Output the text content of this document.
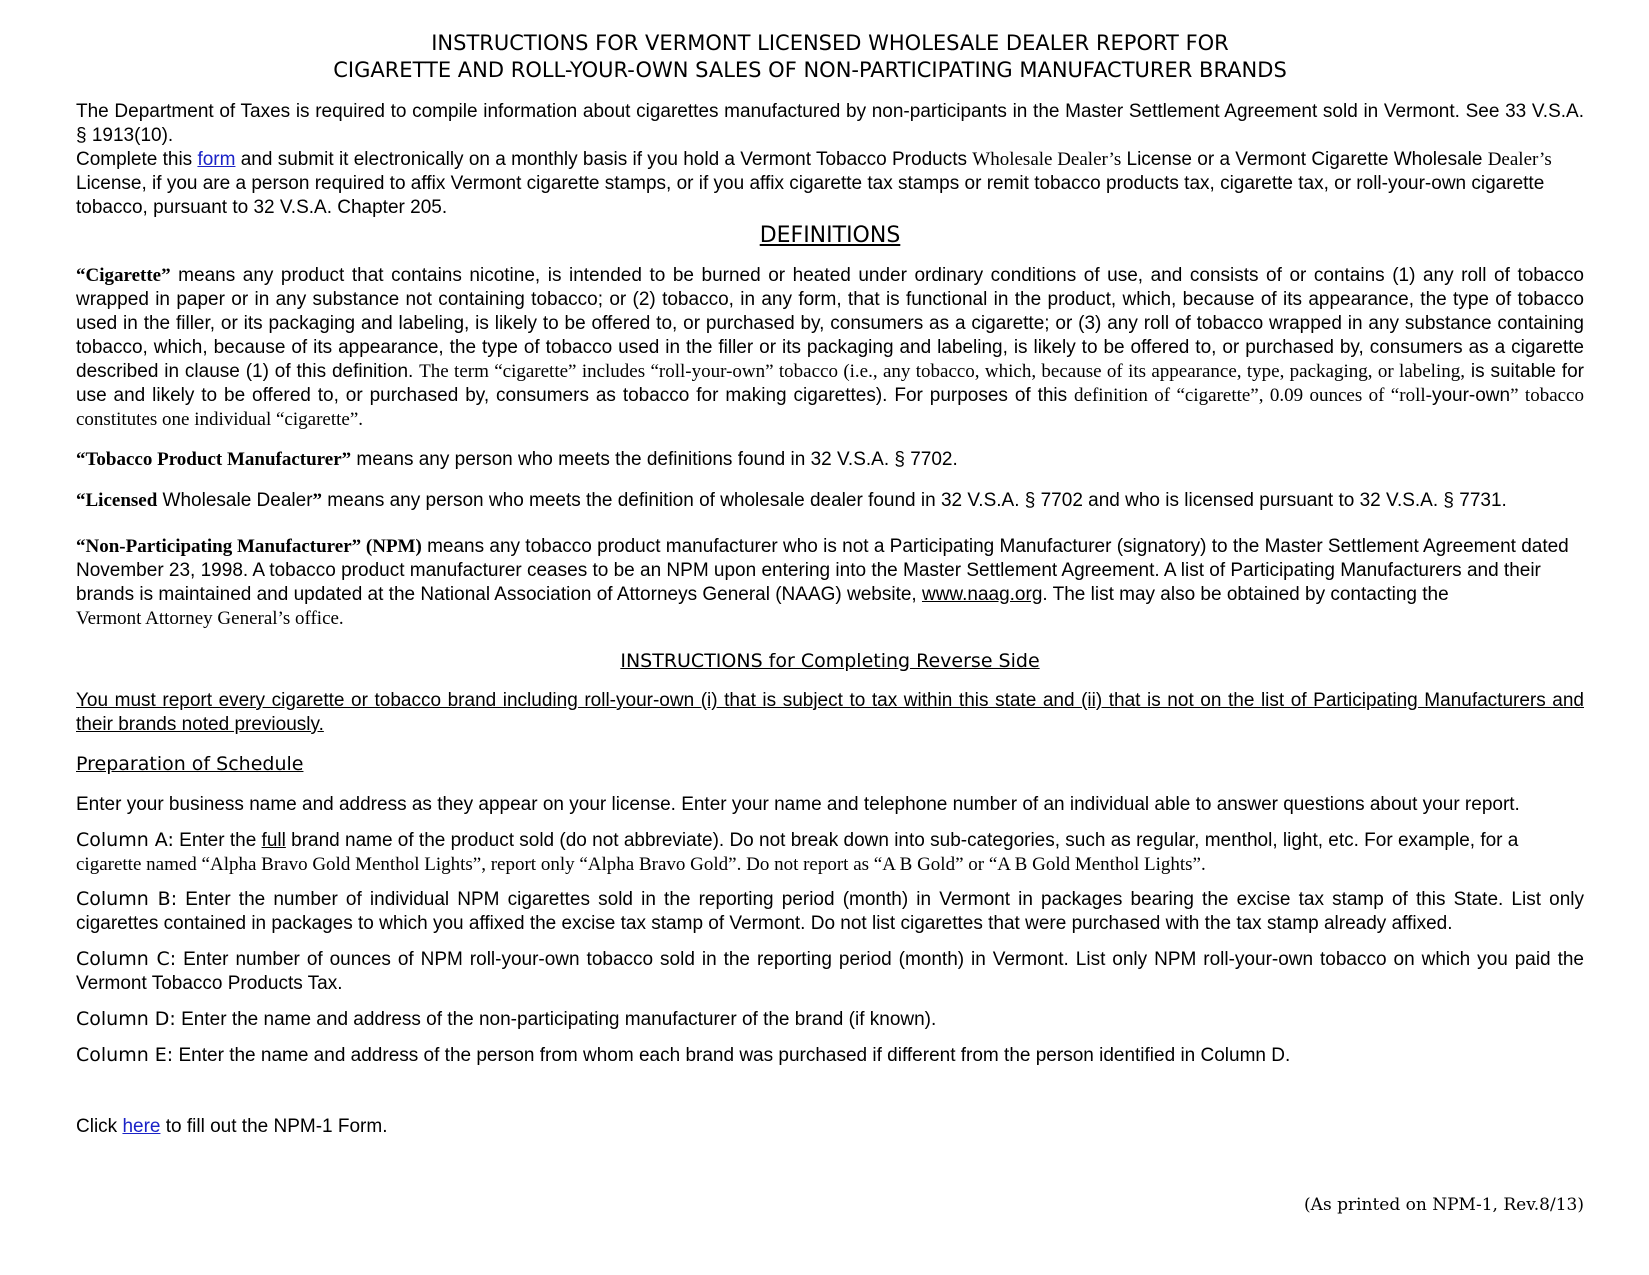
INSTRUCTIONS FOR VERMONT LICENSED WHOLESALE DEALER REPORT FOR
CIGARETTE AND ROLL-YOUR-OWN SALES OF NON-PARTICIPATING MANUFACTURER BRANDS

The Department of Taxes is required to compile information about cigarettes manufactured by non-participants in the Master Settlement Agreement sold in Vermont. See 33 V.S.A. § 1913(10).

Complete this form and submit it electronically on a monthly basis if you hold a Vermont Tobacco Products Wholesale Dealer’s License or a Vermont Cigarette Wholesale Dealer’s License, if you are a person required to affix Vermont cigarette stamps, or if you affix cigarette tax stamps or remit tobacco products tax, cigarette tax, or roll-your-own cigarette tobacco, pursuant to 32 V.S.A. Chapter 205.

DEFINITIONS

“Cigarette” means any product that contains nicotine, is intended to be burned or heated under ordinary conditions of use, and consists of or contains (1) any roll of tobacco wrapped in paper or in any substance not containing tobacco; or (2) tobacco, in any form, that is functional in the product, which, because of its appearance, the type of tobacco used in the filler, or its packaging and labeling, is likely to be offered to, or purchased by, consumers as a cigarette; or (3) any roll of tobacco wrapped in any substance containing tobacco, which, because of its appearance, the type of tobacco used in the filler or its packaging and labeling, is likely to be offered to, or purchased by, consumers as a cigarette described in clause (1) of this definition. The term “cigarette” includes “roll-your-own” tobacco (i.e., any tobacco, which, because of its appearance, type, packaging, or labeling, is suitable for use and likely to be offered to, or purchased by, consumers as tobacco for making cigarettes). For purposes of this definition of “cigarette”, 0.09 ounces of “roll-your-own” tobacco constitutes one individual “cigarette”.

“Tobacco Product Manufacturer” means any person who meets the definitions found in 32 V.S.A. § 7702.

“Licensed Wholesale Dealer” means any person who meets the definition of wholesale dealer found in 32 V.S.A. § 7702 and who is licensed pursuant to 32 V.S.A. § 7731.

“Non-Participating Manufacturer” (NPM) means any tobacco product manufacturer who is not a Participating Manufacturer (signatory) to the Master Settlement Agreement dated November 23, 1998. A tobacco product manufacturer ceases to be an NPM upon entering into the Master Settlement Agreement. A list of Participating Manufacturers and their brands is maintained and updated at the National Association of Attorneys General (NAAG) website, www.naag.org. The list may also be obtained by contacting the
Vermont Attorney General’s office.

INSTRUCTIONS for Completing Reverse Side

You must report every cigarette or tobacco brand including roll-your-own (i) that is subject to tax within this state and (ii) that is not on the list of Participating Manufacturers and their brands noted previously.

Preparation of Schedule

Enter your business name and address as they appear on your license. Enter your name and telephone number of an individual able to answer questions about your report.

Column A: Enter the full brand name of the product sold (do not abbreviate). Do not break down into sub-categories, such as regular, menthol, light, etc. For example, for a
cigarette named “Alpha Bravo Gold Menthol Lights”, report only “Alpha Bravo Gold”. Do not report as “A B Gold” or “A B Gold Menthol Lights”.

Column B: Enter the number of individual NPM cigarettes sold in the reporting period (month) in Vermont in packages bearing the excise tax stamp of this State. List only cigarettes contained in packages to which you affixed the excise tax stamp of Vermont. Do not list cigarettes that were purchased with the tax stamp already affixed.

Column C: Enter number of ounces of NPM roll-your-own tobacco sold in the reporting period (month) in Vermont. List only NPM roll-your-own tobacco on which you paid the Vermont Tobacco Products Tax.

Column D: Enter the name and address of the non-participating manufacturer of the brand (if known).

Column E: Enter the name and address of the person from whom each brand was purchased if different from the person identified in Column D.

Click here to fill out the NPM-1 Form.

(As printed on NPM-1, Rev.8/13)
